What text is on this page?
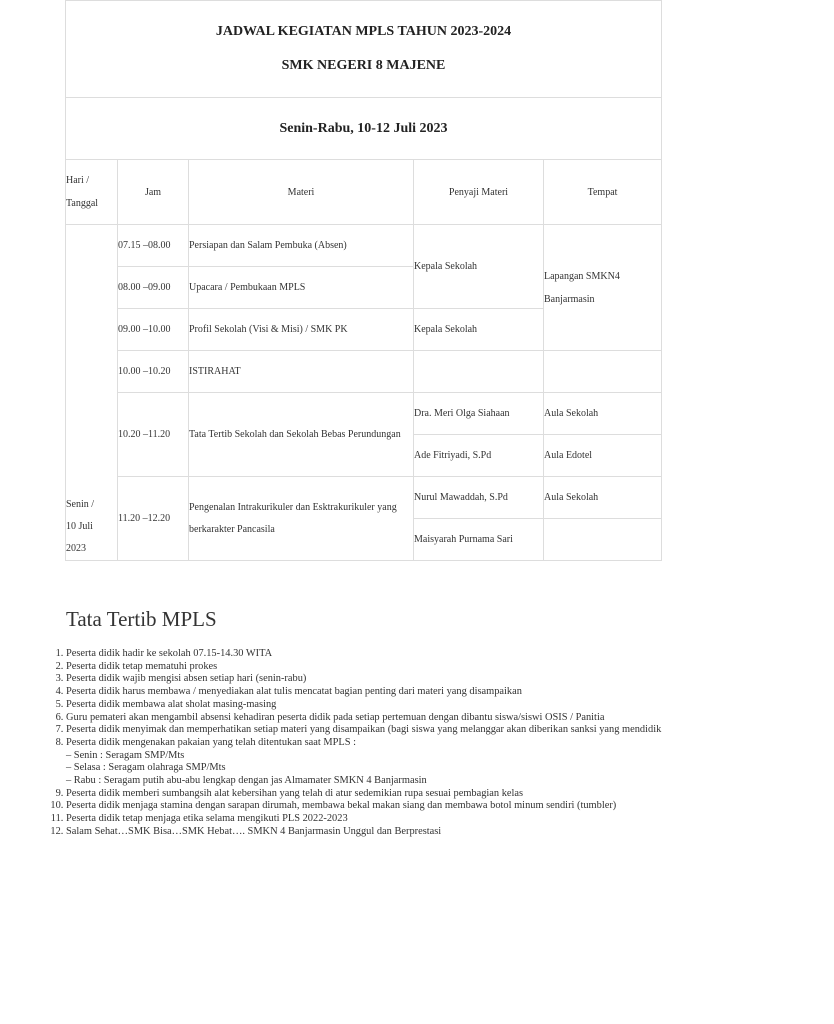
JADWAL KEGIATAN MPLS TAHUN 2023-2024
SMK NEGERI 8 MAJENE				

Senin-Rabu, 10-12 Juli 2023				
Hari /
Tanggal	Jam	Materi	Penyaji Materi	Tempat
Senin /
10 Juli
2023	07.15 –08.00	Persiapan dan Salam Pembuka (Absen)	Kepala Sekolah	Lapangan SMKN4
Banjarmasin
	08.00 –09.00	Upacara / Pembukaan MPLS		
	09.00 –10.00	Profil Sekolah (Visi & Misi) / SMK PK	Kepala Sekolah	
	10.00 –10.20	ISTIRAHAT		
	10.20 –11.20	Tata Tertib Sekolah dan Sekolah Bebas Perundungan	Dra. Meri Olga Siahaan	Aula Sekolah
			Ade Fitriyadi, S.Pd	Aula Edotel
	11.20 –12.20	Pengenalan Intrakurikuler dan Esktrakurikuler yang berkarakter Pancasila	Nurul Mawaddah, S.Pd	Aula Sekolah
			Maisyarah Purnama Sari	
Tata Tertib MPLS
1. Peserta didik hadir ke sekolah 07.15-14.30 WITA
2. Peserta didik tetap mematuhi prokes
3. Peserta didik wajib mengisi absen setiap hari (senin-rabu)
4. Peserta didik harus membawa / menyediakan alat tulis mencatat bagian penting dari materi yang disampaikan
5. Peserta didik membawa alat sholat masing-masing
6. Guru pemateri akan mengambil absensi kehadiran peserta didik pada setiap pertemuan dengan dibantu siswa/siswi OSIS / Panitia
7. Peserta didik menyimak dan memperhatikan setiap materi yang disampaikan (bagi siswa yang melanggar akan diberikan sanksi yang mendidik
8. Peserta didik mengenakan pakaian yang telah ditentukan saat MPLS :
– Senin : Seragam SMP/Mts
– Selasa : Seragam olahraga SMP/Mts
– Rabu : Seragam putih abu-abu lengkap dengan jas Almamater SMKN 4 Banjarmasin
9. Peserta didik memberi sumbangsih alat kebersihan yang telah di atur sedemikian rupa sesuai pembagian kelas
10. Peserta didik menjaga stamina dengan sarapan dirumah, membawa bekal makan siang dan membawa botol minum sendiri (tumbler)
11. Peserta didik tetap menjaga etika selama mengikuti PLS 2022-2023
12. Salam Sehat…SMK Bisa…SMK Hebat…. SMKN 4 Banjarmasin Unggul dan Berprestasi
